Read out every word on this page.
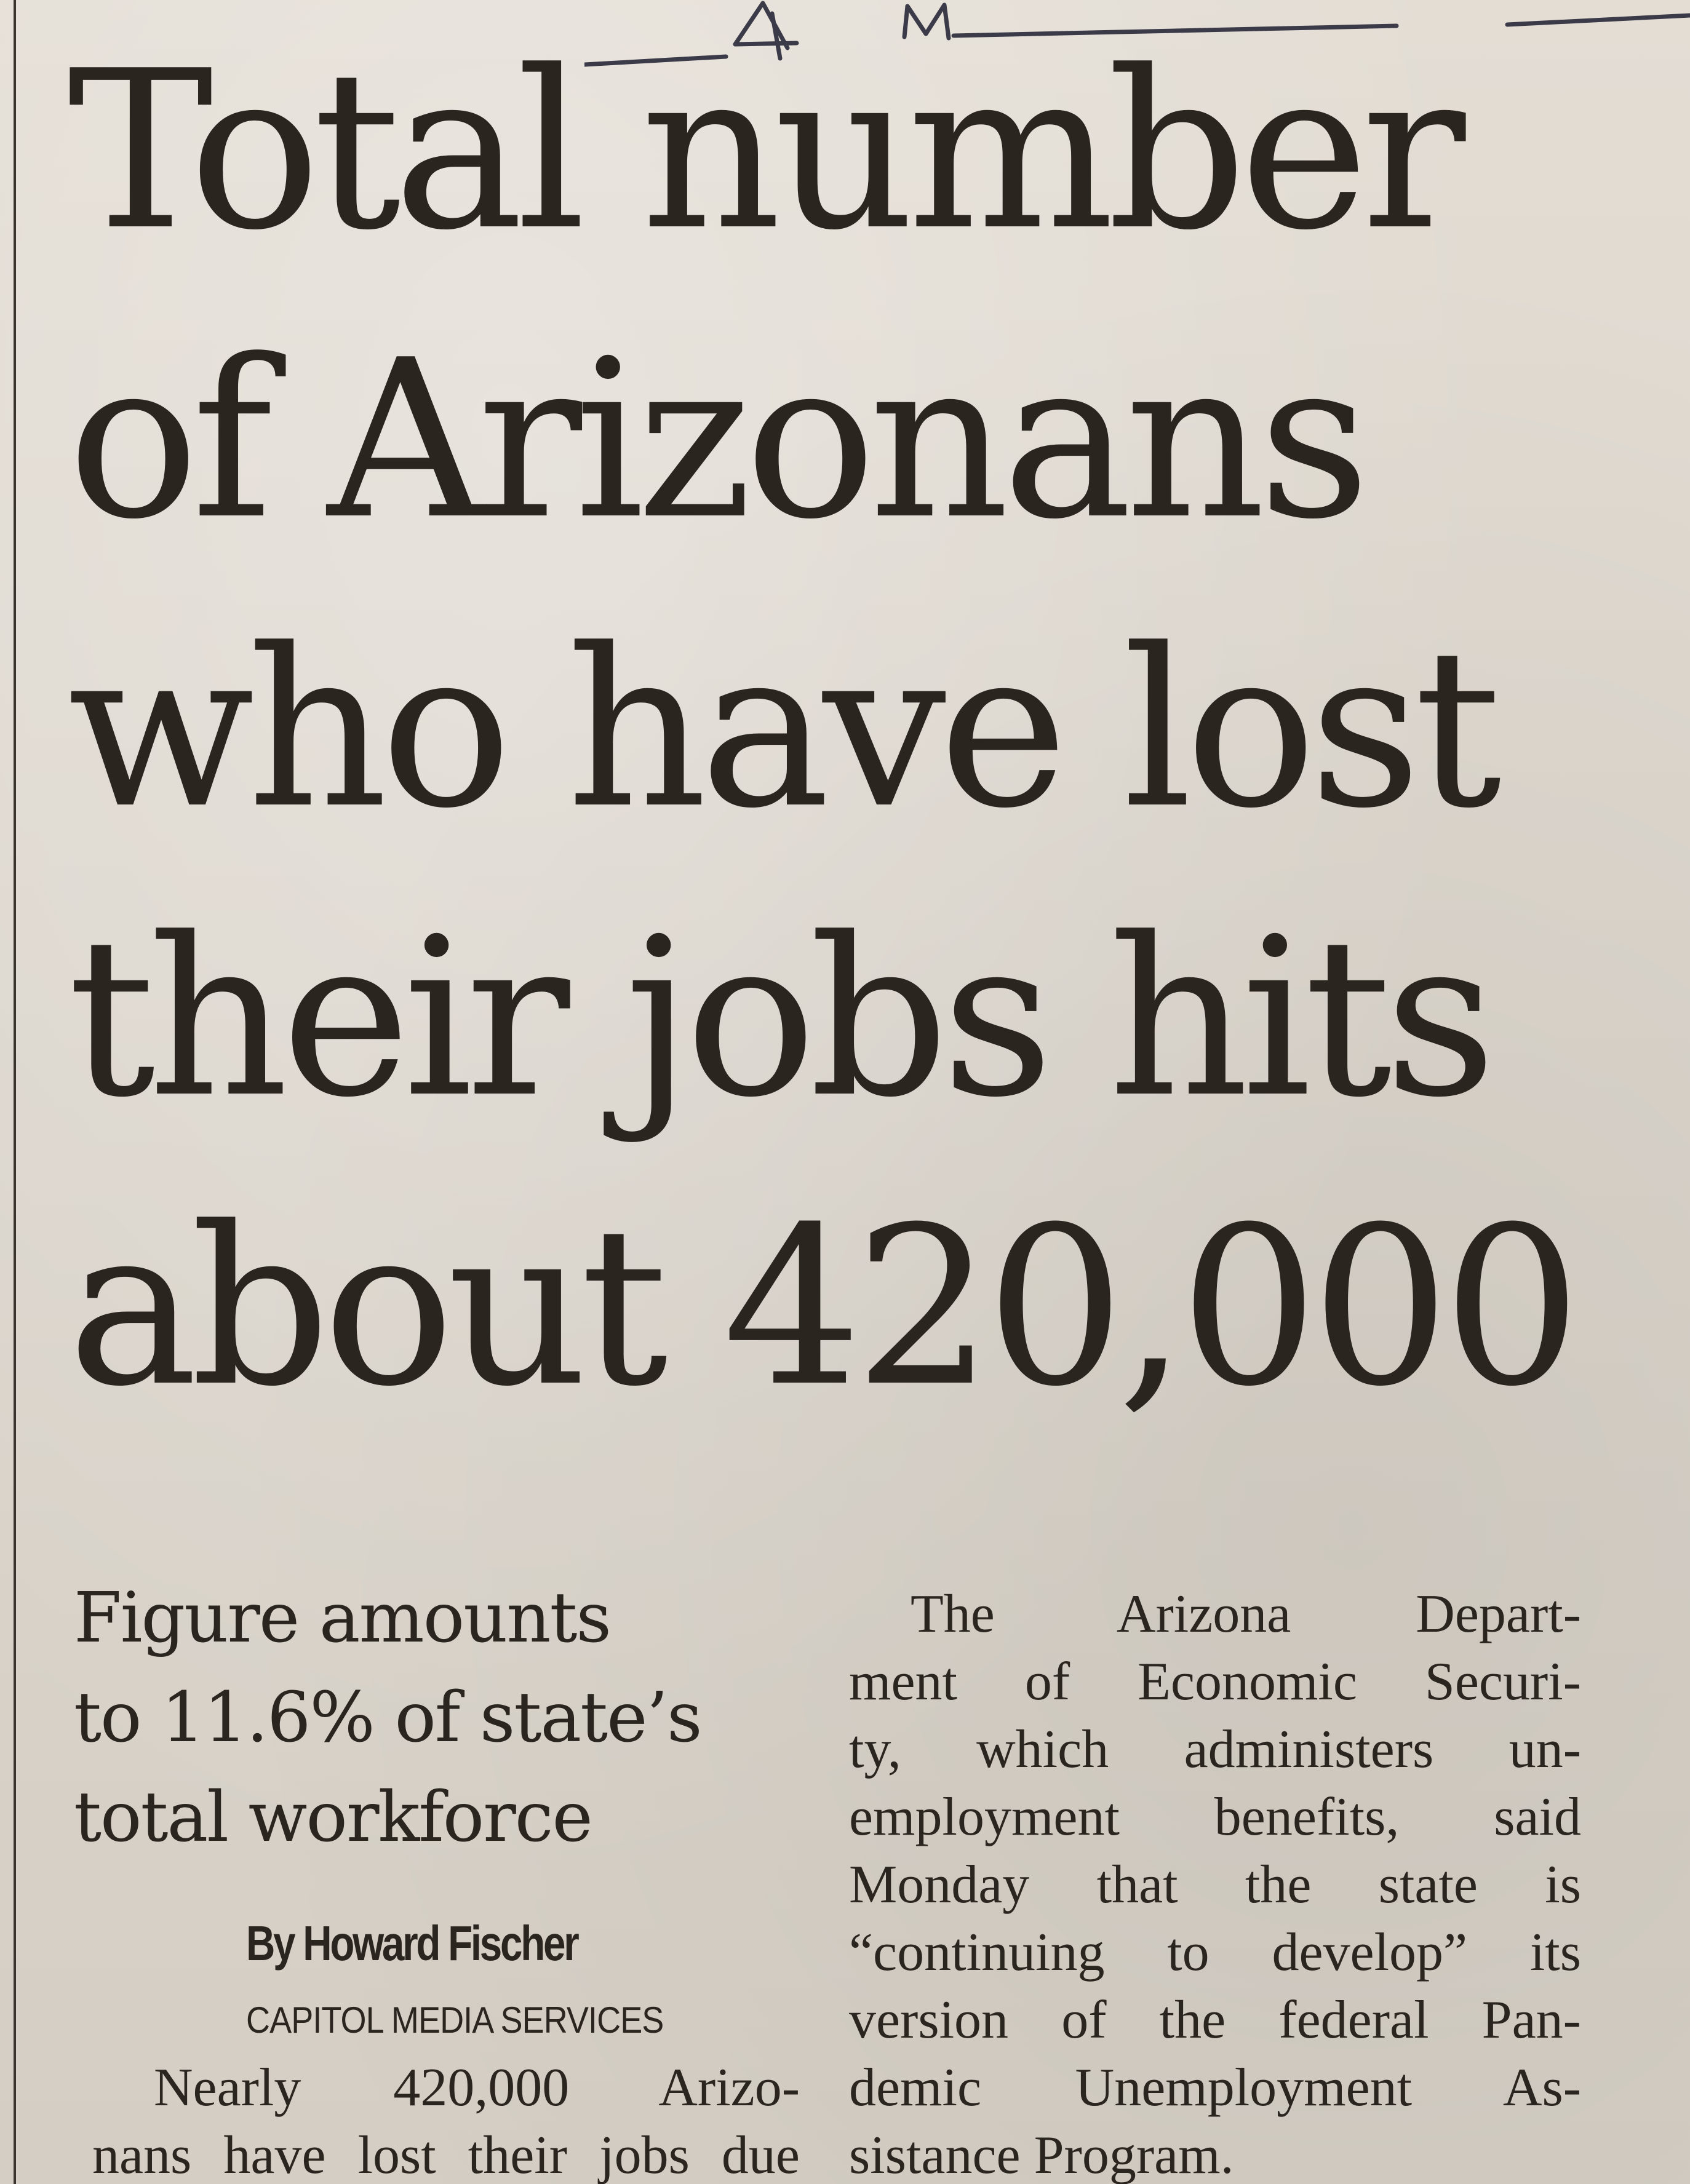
Total number
of Arizonans
who have lost
their jobs hits
about 420,000
Figure amounts
to 11.6% of state’s
total workforce
By Howard Fischer
CAPITOL MEDIA SERVICES
Nearly 420,000 Arizo-
nans have lost their jobs due
The Arizona Depart-
ment of Economic Securi-
ty, which administers un-
employment benefits, said
Monday that the state is
“continuing to develop” its
version of the federal Pan-
demic Unemployment As-
sistance Program.
